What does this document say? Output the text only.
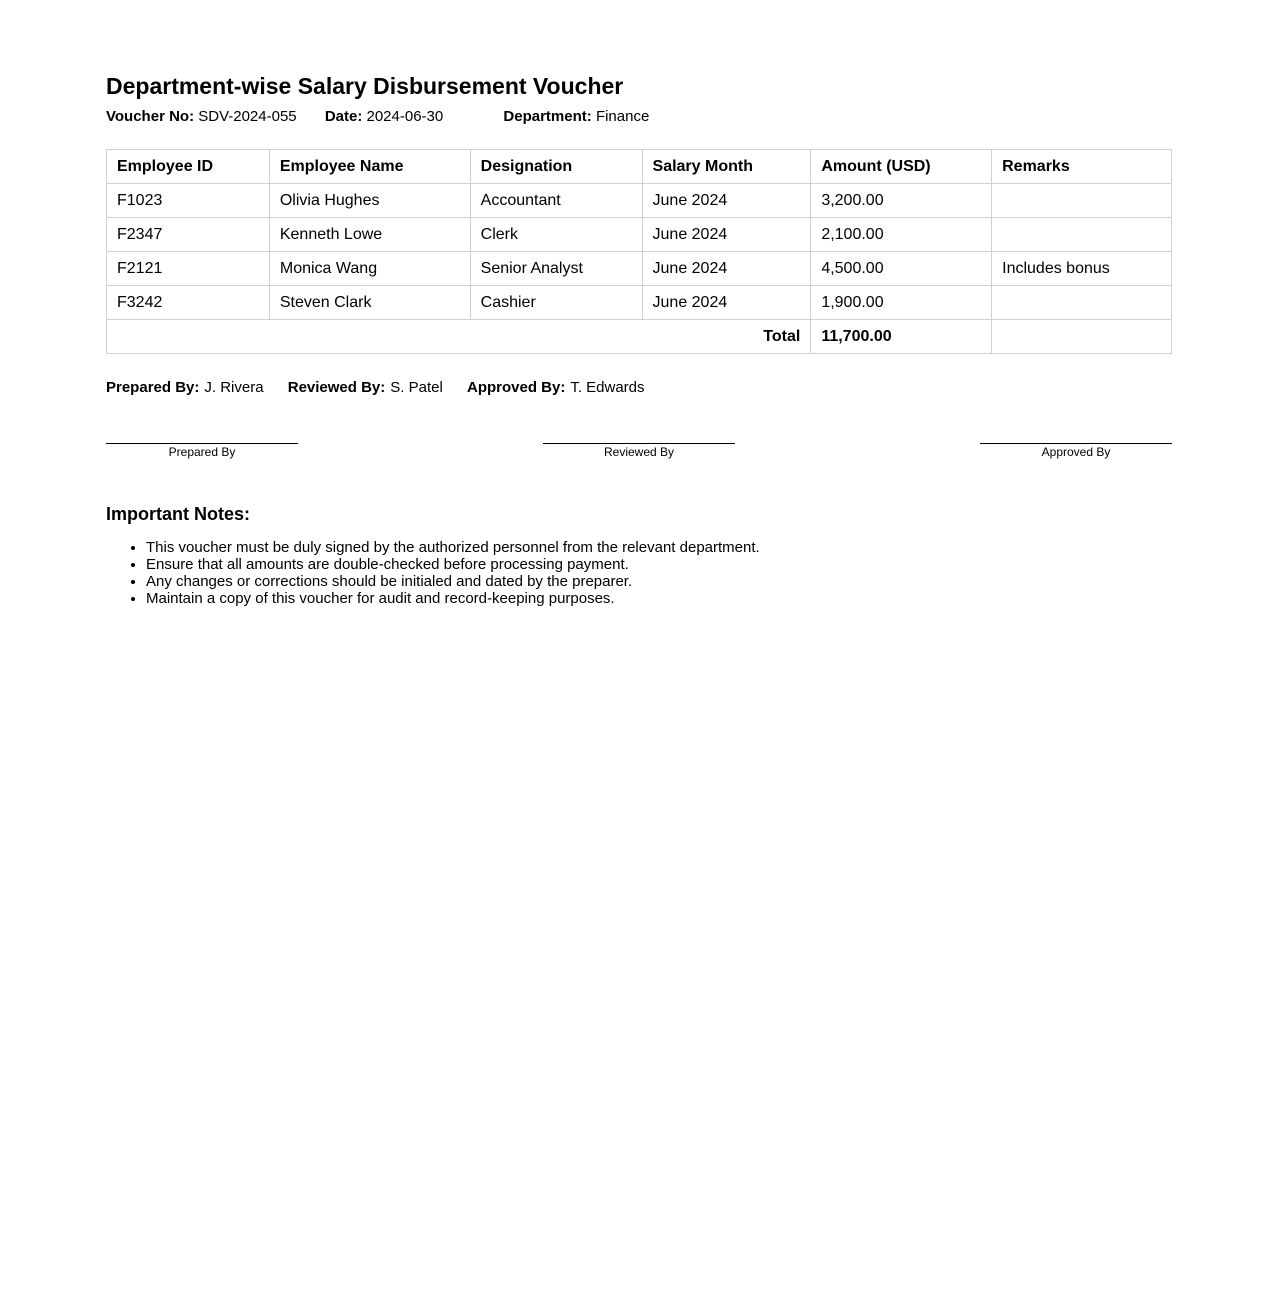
Department-wise Salary Disbursement Voucher
Voucher No: SDV-2024-055 Date: 2024-06-30	Department: Finance
Employee ID	Employee Name	Designation	Salary Month	Amount (USD)	Remarks
F1023	Olivia Hughes	Accountant	June 2024	3,200.00	
F2347	Kenneth Lowe	Clerk	June 2024	2,100.00	
F2121	Monica Wang	Senior Analyst	June 2024	4,500.00	Includes bonus
F3242	Steven Clark	Cashier	June 2024	1,900.00	
Total				11,700.00	
Prepared By: J. Rivera Reviewed By: S. Patel Approved By: T. Edwards
Prepared By	Reviewed By	Approved By
Important Notes:
• This voucher must be duly signed by the authorized personnel from the relevant department.
• Ensure that all amounts are double-checked before processing payment.
• Any changes or corrections should be initialed and dated by the preparer.
• Maintain a copy of this voucher for audit and record-keeping purposes.
